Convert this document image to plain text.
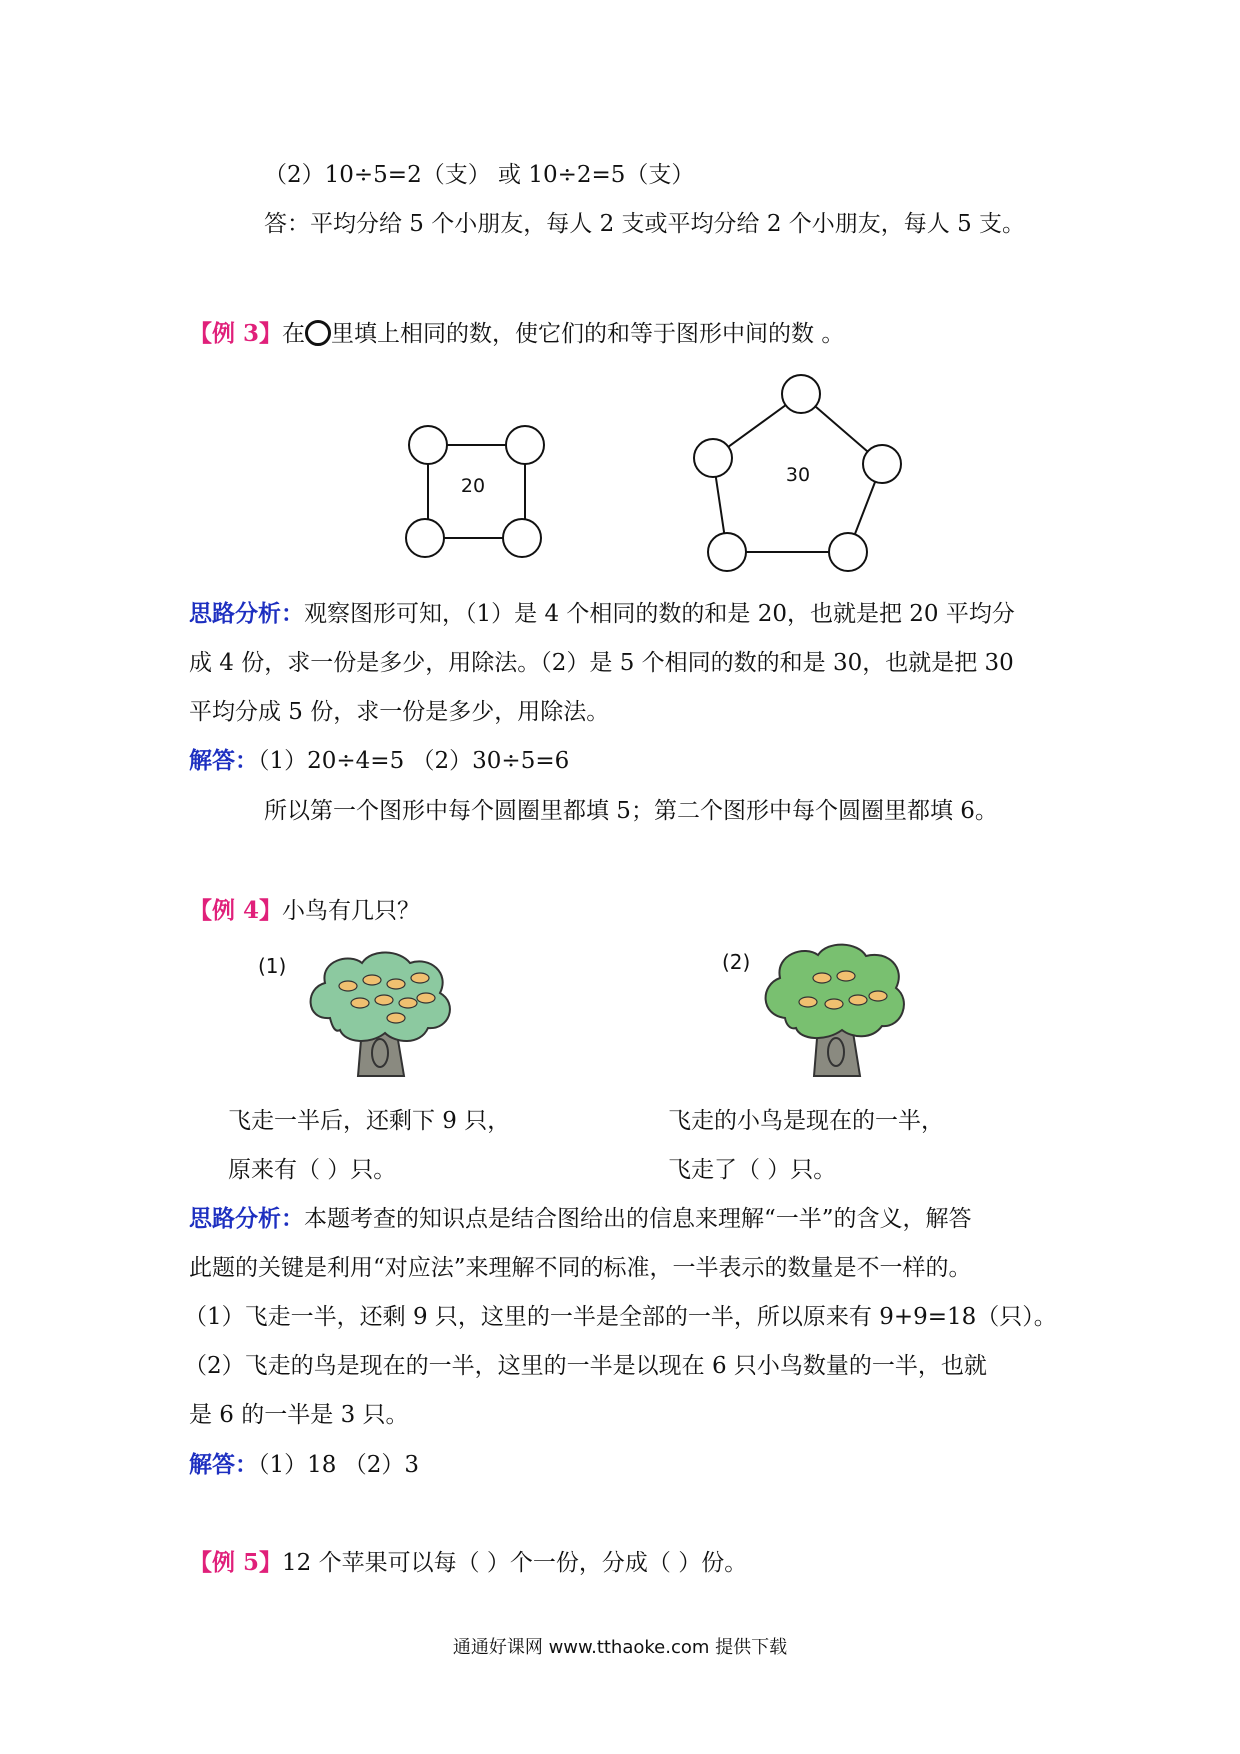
（2）10÷5=2（支） 或 10÷2=5（支）
答：平均分给 5 个小朋友，每人 2 支或平均分给 2 个小朋友，每人 5 支。
【例 3】在 里填上相同的数，使它们的和等于图形中间的数 。
20	30
思路分析：观察图形可知，（1）是 4 个相同的数的和是 20，也就是把 20 平均分
成 4 份，求一份是多少，用除法。（2）是 5 个相同的数的和是 30，也就是把 30
平均分成 5 份，求一份是多少，用除法。
解答：（1）20÷4=5 （2）30÷5=6
所以第一个图形中每个圆圈里都填 5；第二个图形中每个圆圈里都填 6。
【例 4】小鸟有几只？
(1)	(2)
飞走一半后，还剩下 9 只，
原来有（ ）只。
飞走的小鸟是现在的一半，
飞走了（ ）只。
思路分析：本题考查的知识点是结合图给出的信息来理解“一半”的含义，解答
此题的关键是利用“对应法”来理解不同的标准，一半表示的数量是不一样的。
（1）飞走一半，还剩 9 只，这里的一半是全部的一半，所以原来有 9+9=18（只）。
（2）飞走的鸟是现在的一半，这里的一半是以现在 6 只小鸟数量的一半，也就
是 6 的一半是 3 只。
解答：（1）18 （2）3
【例 5】12 个苹果可以每（ ）个一份，分成（ ）份。
通通好课网 www.tthaoke.com 提供下载
